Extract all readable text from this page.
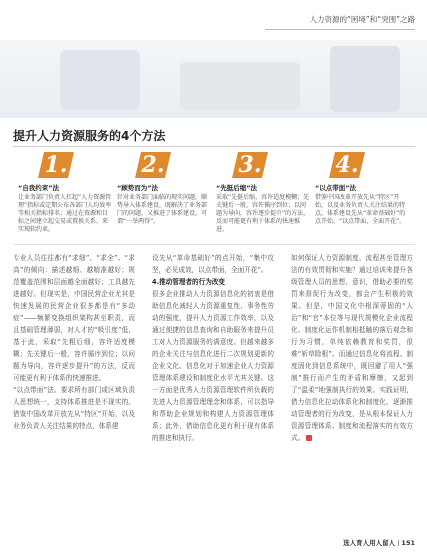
人力资源的“困境”和“突围”之路
提升人力资源服务的4个方法
1.	2.	3.	4.
“自我约束”法
让业务部门负责人扛起“人力资源管理”指标或定期公布各部门人均效率等相关指标排名；通过在资源和目标之间建立起交易或置换关系，来实现软约束。
“顾势而为”法
针对业务部门面临的现实问题，顺势导入体系建设，既解决了业务部门的问题，又推进了体系建设，可谓“一举两得”。
“先挺后缩”法
采取“先挺后缩，容许适度模糊；先关键后一般，容许循序到位；以问题为导向，容许逐步提升”的方法，反而可能更有利于体系的快速推进。
“以点带面”法
借鉴中国改革开放先从“特区”开始，以及业务负责人关注结果的特点，体系建设先从“革命基础好”的点开始，“以点带面、全面开花”。

专业人员往往都有“求细”、“求全”、“求高”的倾向：描述越细、越精准越好；规范覆盖范围和层面越全面越好；工具越先进越好。但现实是，中国民营企业尤其是快速发展的民营企业很多都是有“多动症”——频繁变换组织架构甚至职责，而且基础管理薄弱，对人才的“吸引度”低，基于此，采取“先粗后细，容许适度模糊；先关键后一般，容许循序到位；以问题为导向，容许逐步提升”的方法，反而可能更有利于体系的快速推进。

“以点带面”法。要求所有部门或区域负责人思想统一，支持体系推进是不现实的。借鉴中国改革开放先从“特区”开始，以及业务负责人关注结果的特点，体系建

设先从“革命基础好”的点开始，“集中攻坚，必见成效，以点带面，全面开花”。

4.推动管理者的行为改变

很多企业推动人力资源信息化的初衷是借助信息化减轻人力资源重复性、事务性劳动的强度，提升人力资源工作效率，以及通过便捷的信息查询和自助服务来提升员工对人力资源服务的满意度。但越来越多的企业关注与信息化进行二次规划更新的企业文化。信息化对于加速企业人力资源管理体系建设和制度化水平尤其关键。这一方面是优秀人力资源管理软件所负载的先进人力资源管理理念和体系，可以指导和帮助企业规划和构建人力资源管理体系；此外，借助信息化更有利于现有体系的推进和执行。

如何保证人力资源制度、流程甚至管理方法的有效贯彻和实施？通过培训来提升各级管理人员的思想、意识，借助必要的奖罚来督促行为改变，都会产生积极的效果。但是，中国文化中根深蒂固的“人治”和“官”本位等与现代规模化企业流程化、制度化运作机制相抵触的落后观念和行为习惯，单纯依赖教育和奖罚，很难“斩草除根”。而通过信息化将流程、制度固化到信息系统中，既回避了用人“强制”推行而产生的矛盾和摩擦，又起到了“温柔”地强制执行的效果。实践证明，借力信息化拉动体系化和制度化，逐渐推动管理者的行为改变，是从根本保证人力资源管理体系、制度和流程落实的有效方式。

选人育人用人留人 | 151
